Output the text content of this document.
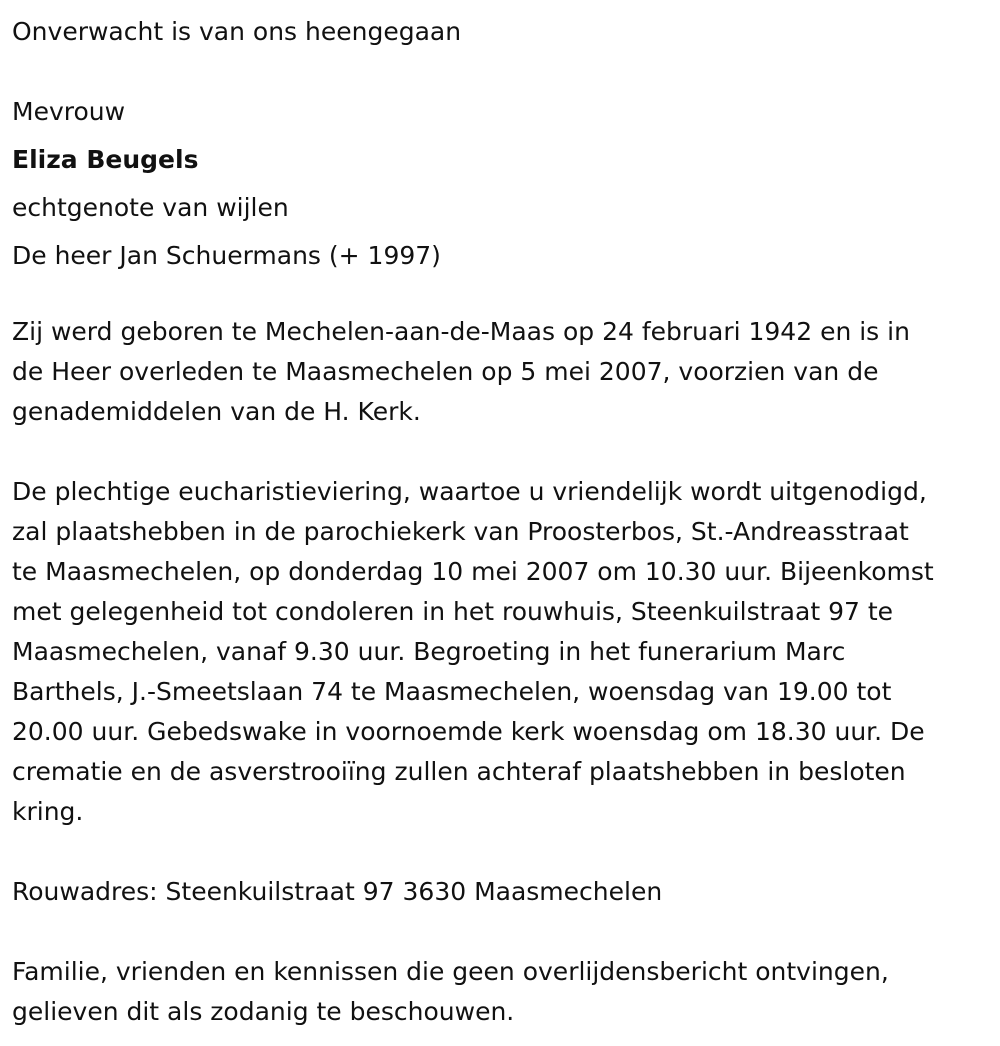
Onverwacht is van ons heengegaan
Mevrouw
Eliza Beugels
echtgenote van wijlen
De heer Jan Schuermans (+ 1997)
Zij werd geboren te Mechelen-aan-de-Maas op 24 februari 1942 en is in
de Heer overleden te Maasmechelen op 5 mei 2007, voorzien van de
genademiddelen van de H. Kerk.
De plechtige eucharistieviering, waartoe u vriendelijk wordt uitgenodigd,
zal plaatshebben in de parochiekerk van Proosterbos, St.-Andreasstraat
te Maasmechelen, op donderdag 10 mei 2007 om 10.30 uur. Bijeenkomst
met gelegenheid tot condoleren in het rouwhuis, Steenkuilstraat 97 te
Maasmechelen, vanaf 9.30 uur. Begroeting in het funerarium Marc
Barthels, J.-Smeetslaan 74 te Maasmechelen, woensdag van 19.00 tot
20.00 uur. Gebedswake in voornoemde kerk woensdag om 18.30 uur. De
crematie en de asverstrooiïng zullen achteraf plaatshebben in besloten
kring.
Rouwadres: Steenkuilstraat 97 3630 Maasmechelen
Familie, vrienden en kennissen die geen overlijdensbericht ontvingen,
gelieven dit als zodanig te beschouwen.
